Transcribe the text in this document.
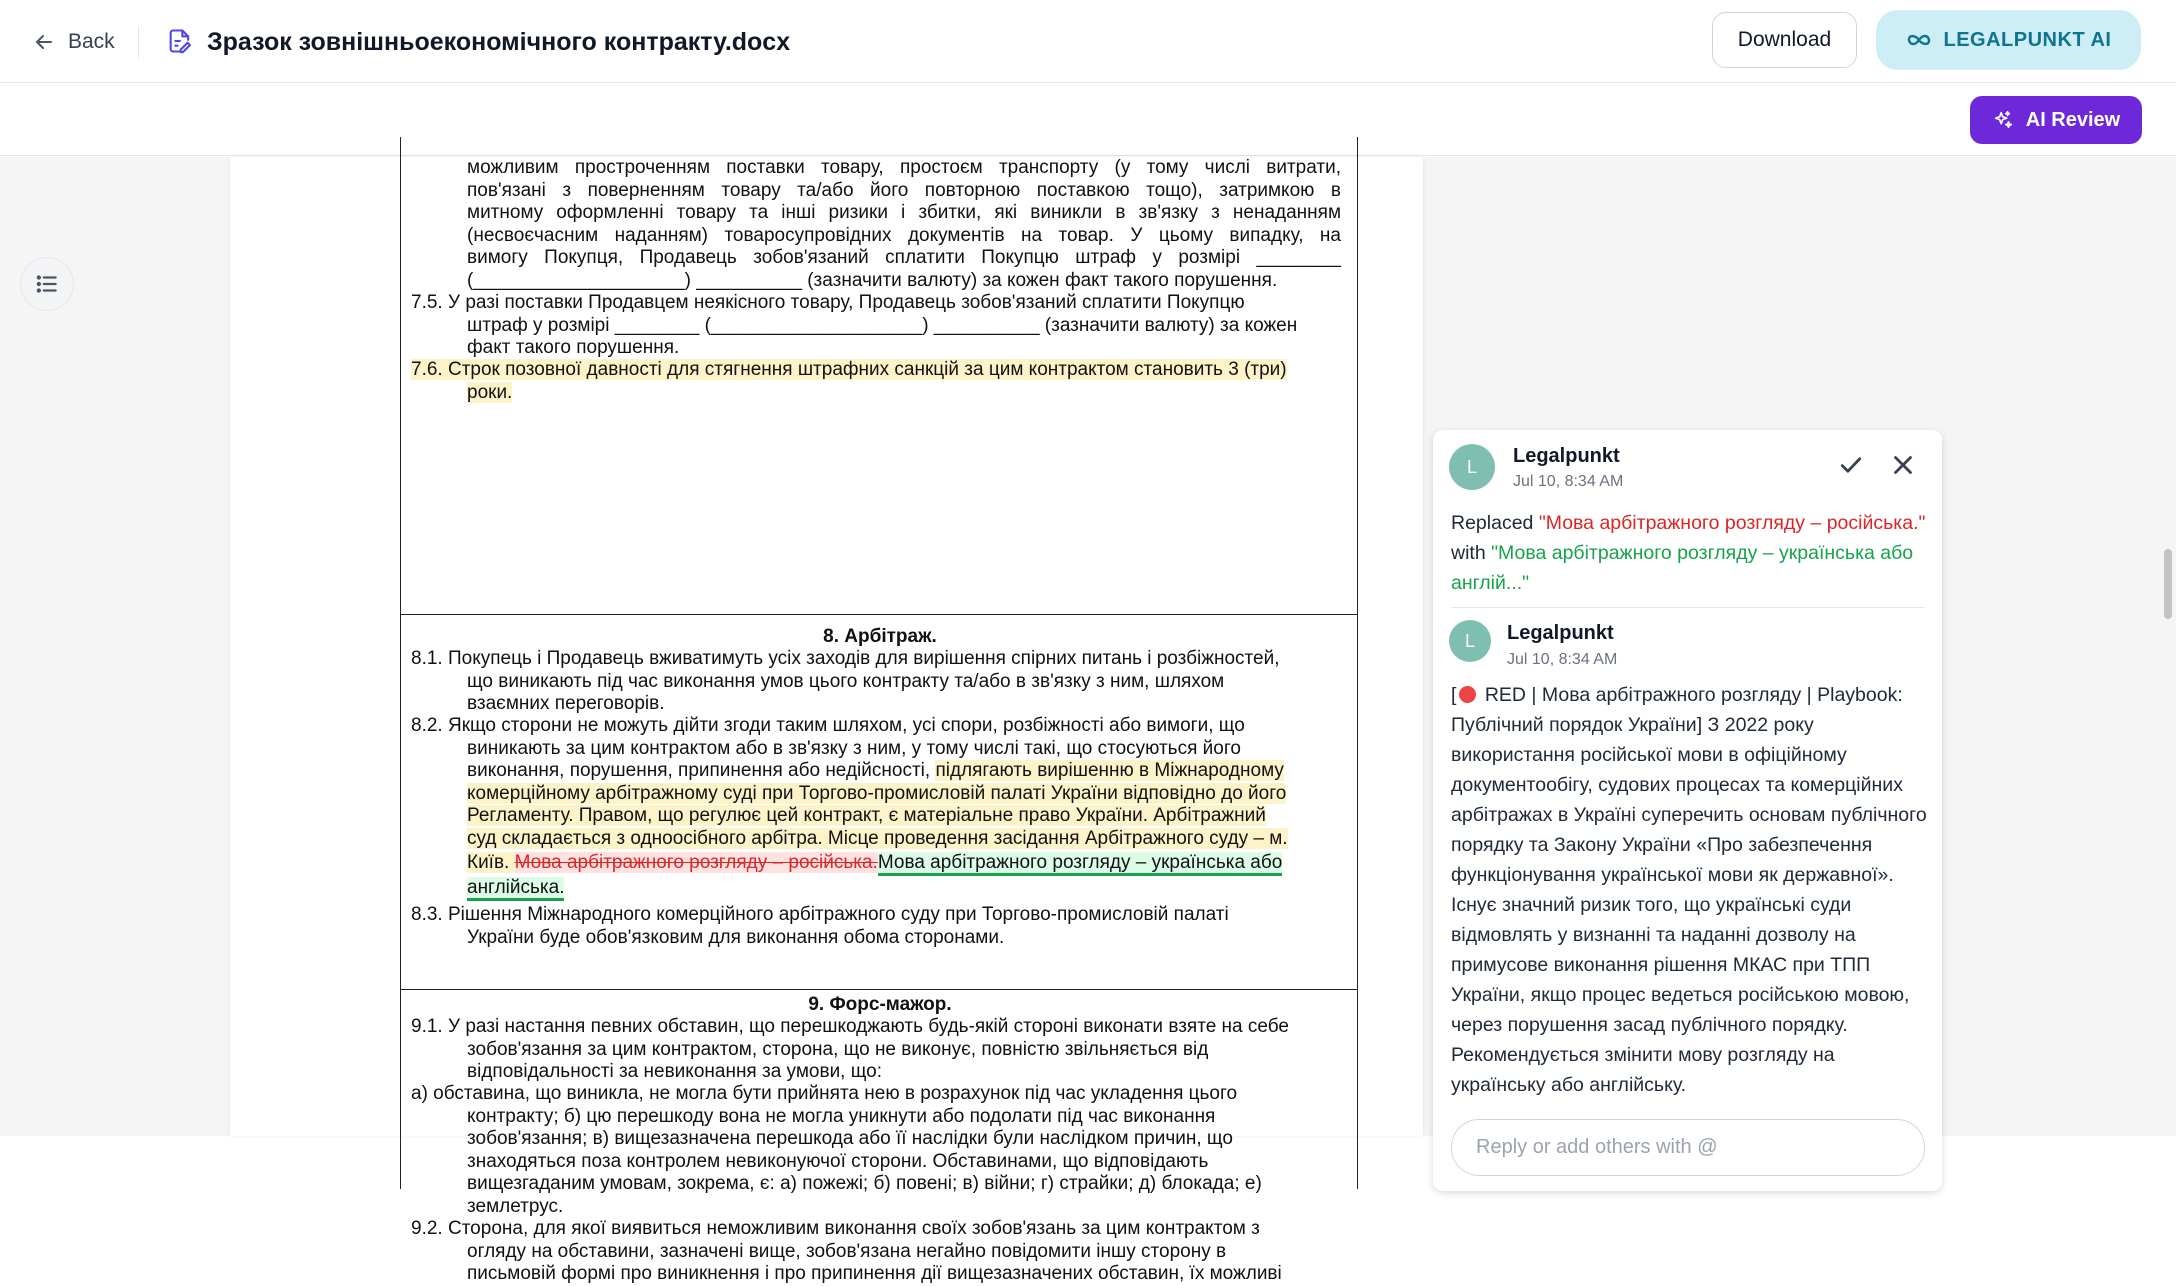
Back	Зразок зовнішньоекономічного контракту.docx	Download	LEGALPUNKT AI
AI Review
можливим простроченням поставки товару, простоєм транспорту (у тому числі витрати,
пов'язані з поверненням товару та/або його повторною поставкою тощо), затримкою в
митному оформленні товару та інші ризики і збитки, які виникли в зв'язку з ненаданням
(несвоєчасним наданням) товаросупровідних документів на товар. У цьому випадку, на
вимогу Покупця, Продавець зобов'язаний сплатити Покупцю штраф у розмірі ________
(____________________) __________ (зазначити валюту) за кожен факт такого порушення.
7.5. У разі поставки Продавцем неякісного товару, Продавець зобов'язаний сплатити Покупцю
штраф у розмірі ________ (____________________) __________ (зазначити валюту) за кожен
факт такого порушення.
7.6. Строк позовної давності для стягнення штрафних санкцій за цим контрактом становить 3 (три)
роки.
8. Арбітраж.
8.1. Покупець і Продавець вживатимуть усіх заходів для вирішення спірних питань і розбіжностей,
що виникають під час виконання умов цього контракту та/або в зв'язку з ним, шляхом
взаємних переговорів.
8.2. Якщо сторони не можуть дійти згоди таким шляхом, усі спори, розбіжності або вимоги, що
виникають за цим контрактом або в зв'язку з ним, у тому числі такі, що стосуються його
виконання, порушення, припинення або недійсності, підлягають вирішенню в Міжнародному
комерційному арбітражному суді при Торгово-промисловій палаті України відповідно до його
Регламенту. Правом, що регулює цей контракт, є матеріальне право України. Арбітражний
суд складається з одноосібного арбітра. Місце проведення засідання Арбітражного суду – м.
Київ. Мова арбітражного розгляду – російська.Мова арбітражного розгляду – українська або
англійська.
8.3. Рішення Міжнародного комерційного арбітражного суду при Торгово-промисловій палаті
України буде обов'язковим для виконання обома сторонами.
9. Форс-мажор.
9.1. У разі настання певних обставин, що перешкоджають будь-якій стороні виконати взяте на себе
зобов'язання за цим контрактом, сторона, що не виконує, повністю звільняється від
відповідальності за невиконання за умови, що:
а) обставина, що виникла, не могла бути прийнята нею в розрахунок під час укладення цього
контракту; б) цю перешкоду вона не могла уникнути або подолати під час виконання
зобов'язання; в) вищезазначена перешкода або її наслідки були наслідком причин, що
знаходяться поза контролем невиконуючої сторони. Обставинами, що відповідають
вищезгаданим умовам, зокрема, є: а) пожежі; б) повені; в) війни; г) страйки; д) блокада; е)
землетрус.
9.2. Сторона, для якої виявиться неможливим виконання своїх зобов'язань за цим контрактом з
огляду на обставини, зазначені вище, зобов'язана негайно повідомити іншу сторону в
письмовій формі про виникнення і про припинення дії вищезазначених обставин, їх можливі
L	Legalpunkt
Jul 10, 8:34 AM
Replaced "Мова арбітражного розгляду – російська." with "Мова арбітражного розгляду – українська або англій..."
L	Legalpunkt
Jul 10, 8:34 AM
[ RED | Мова арбітражного розгляду | Playbook: Публічний порядок України] З 2022 року використання російської мови в офіційному документообігу, судових процесах та комерційних арбітражах в Україні суперечить основам публічного порядку та Закону України «Про забезпечення функціонування української мови як державної». Існує значний ризик того, що українські суди відмовлять у визнанні та наданні дозволу на примусове виконання рішення МКАС при ТПП України, якщо процес ведеться російською мовою, через порушення засад публічного порядку. Рекомендується змінити мову розгляду на українську або англійську.
Reply or add others with @
